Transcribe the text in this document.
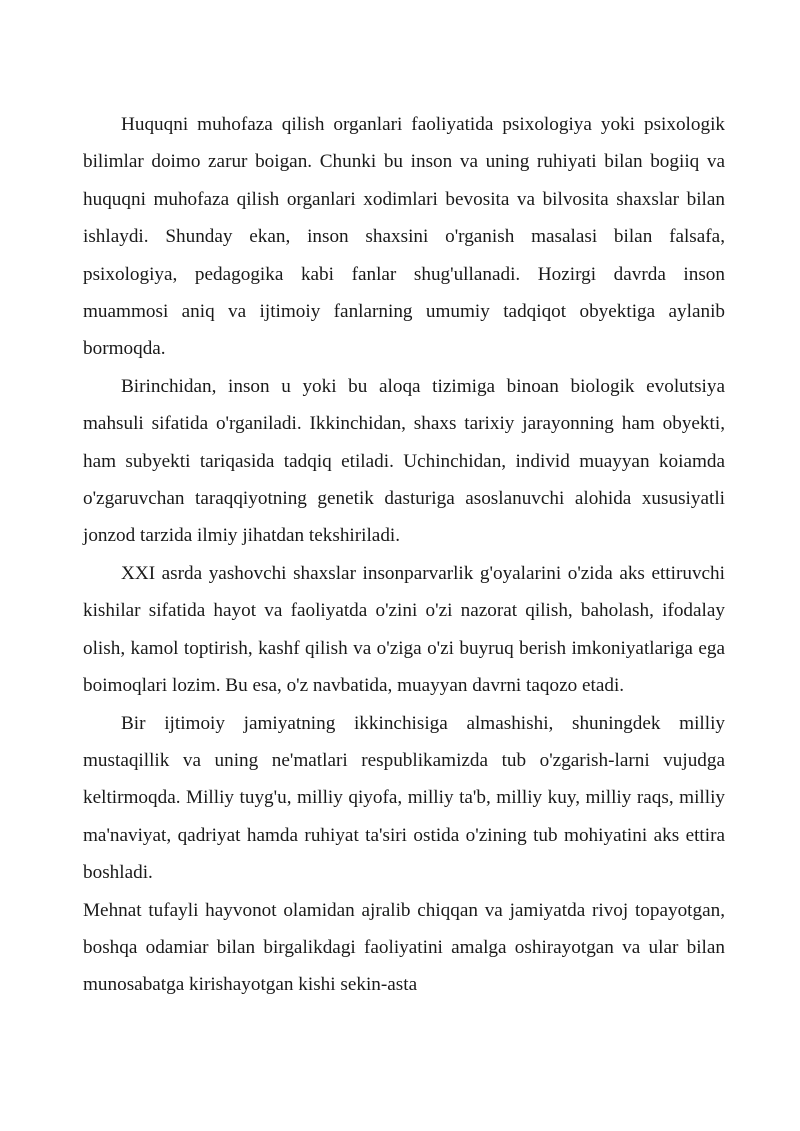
Huquqni muhofaza qilish organlari faoliyatida psixologiya yoki psixologik bilimlar doimo zarur boigan. Chunki bu inson va uning ruhiyati bilan bogiiq va huquqni muhofaza qilish organlari xodimlari bevosita va bilvosita shaxslar bilan ishlaydi. Shunday ekan, inson shaxsini o'rganish masalasi bilan falsafa, psixologiya, pedagogika kabi fanlar shug'ullanadi. Hozirgi davrda inson muammosi aniq va ijtimoiy fanlarning umumiy tadqiqot obyektiga aylanib bormoqda.

Birinchidan, inson u yoki bu aloqa tizimiga binoan biologik evolutsiya mahsuli sifatida o'rganiladi. Ikkinchidan, shaxs tarixiy jarayonning ham obyekti, ham subyekti tariqasida tadqiq etiladi. Uchinchidan, individ muayyan koiamda o'zgaruvchan taraqqiyotning genetik dasturiga asoslanuvchi alohida xususiyatli jonzod tarzida ilmiy jihatdan tekshiriladi.

XXI asrda yashovchi shaxslar insonparvarlik g'oyalarini o'zida aks ettiruvchi kishilar sifatida hayot va faoliyatda o'zini o'zi nazorat qilish, baholash, ifodalay olish, kamol toptirish, kashf qilish va o'ziga o'zi buyruq berish imkoniyatlariga ega boimoqlari lozim. Bu esa, o'z navbatida, muayyan davrni taqozo etadi.

Bir ijtimoiy jamiyatning ikkinchisiga almashishi, shuningdek milliy mustaqillik va uning ne'matlari respublikamizda tub o'zgarish-larni vujudga keltirmoqda. Milliy tuyg'u, milliy qiyofa, milliy ta'b, milliy kuy, milliy raqs, milliy ma'naviyat, qadriyat hamda ruhiyat ta'siri ostida o'zining tub mohiyatini aks ettira boshladi.

Mehnat tufayli hayvonot olamidan ajralib chiqqan va jamiyatda rivoj topayotgan, boshqa odamiar bilan birgalikdagi faoliyatini amalga oshirayotgan va ular bilan munosabatga kirishayotgan kishi sekin-asta
